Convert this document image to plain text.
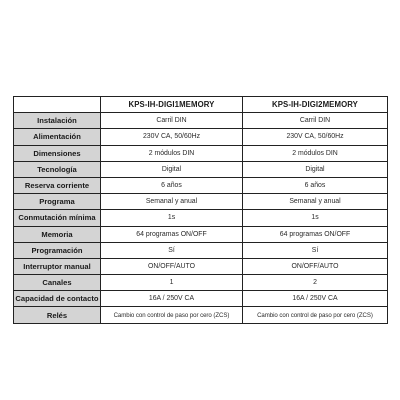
	KPS-IH-DIGI1MEMORY	KPS-IH-DIGI2MEMORY
Instalación	Carril DIN	Carril DIN
Alimentación	230V CA, 50/60Hz	230V CA, 50/60Hz
Dimensiones	2 módulos DIN	2 módulos DIN
Tecnología	Digital	Digital
Reserva corriente	6 años	6 años
Programa	Semanal y anual	Semanal y anual
Conmutación mínima	1s	1s
Memoria	64 programas ON/OFF	64 programas ON/OFF
Programación	Sí	Sí
Interruptor manual	ON/OFF/AUTO	ON/OFF/AUTO
Canales	1	2
Capacidad de contacto	16A / 250V CA	16A / 250V CA
Relés	Cambio con control de paso por cero (ZCS)	Cambio con control de paso por cero (ZCS)
